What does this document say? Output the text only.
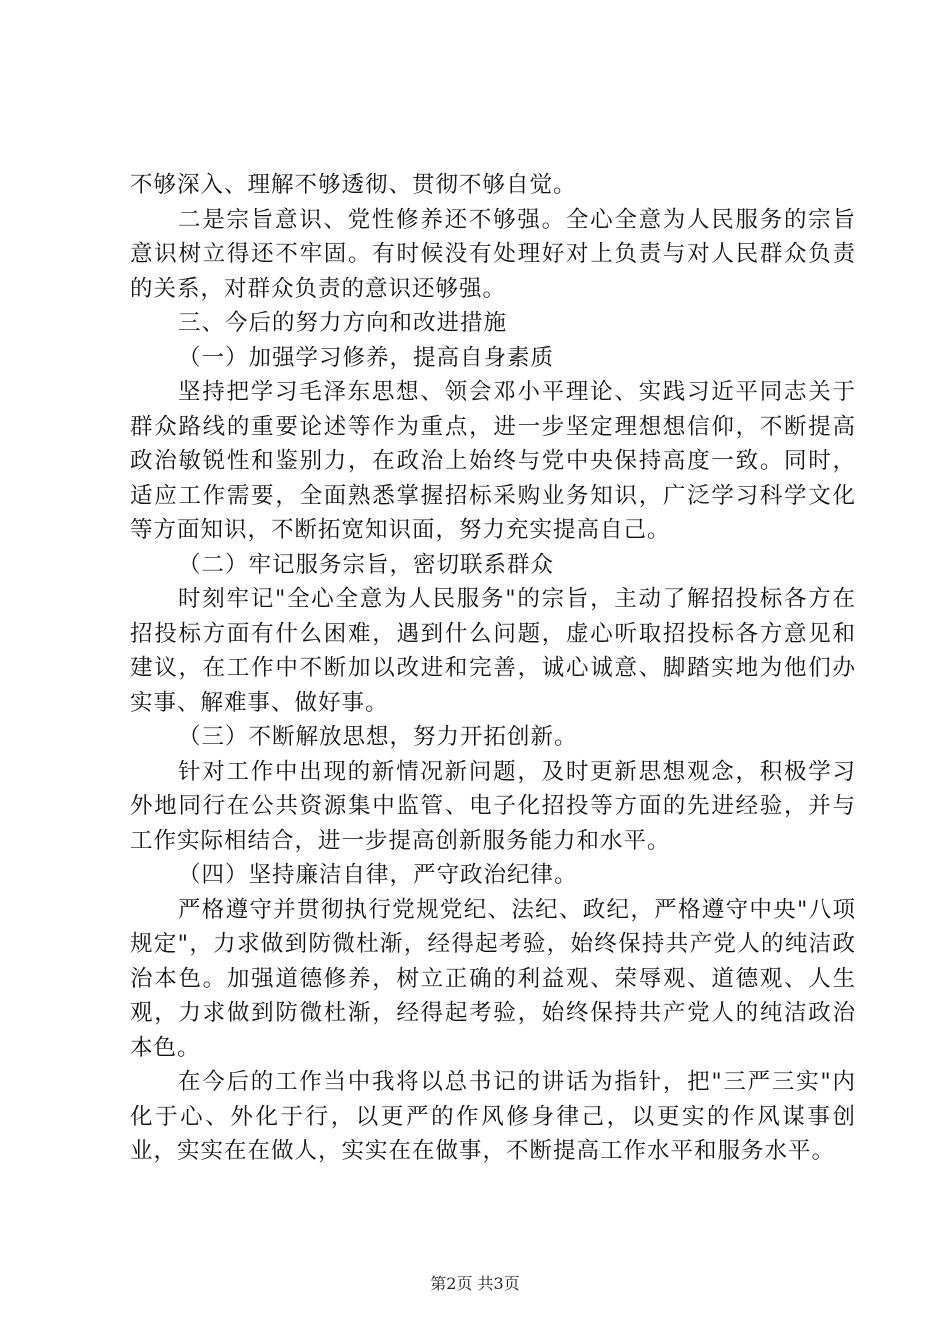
不够深入、理解不够透彻、贯彻不够自觉。

二是宗旨意识、党性修养还不够强。全心全意为人民服务的宗旨意识树立得还不牢固。有时候没有处理好对上负责与对人民群众负责的关系，对群众负责的意识还够强。

三、今后的努力方向和改进措施

（一）加强学习修养，提高自身素质

坚持把学习毛泽东思想、领会邓小平理论、实践习近平同志关于群众路线的重要论述等作为重点，进一步坚定理想想信仰，不断提高政治敏锐性和鉴别力，在政治上始终与党中央保持高度一致。同时，适应工作需要，全面熟悉掌握招标采购业务知识，广泛学习科学文化等方面知识，不断拓宽知识面，努力充实提高自己。

（二）牢记服务宗旨，密切联系群众

时刻牢记"全心全意为人民服务"的宗旨，主动了解招投标各方在招投标方面有什么困难，遇到什么问题，虚心听取招投标各方意见和建议，在工作中不断加以改进和完善，诚心诚意、脚踏实地为他们办实事、解难事、做好事。

（三）不断解放思想，努力开拓创新。

针对工作中出现的新情况新问题，及时更新思想观念，积极学习外地同行在公共资源集中监管、电子化招投等方面的先进经验，并与工作实际相结合，进一步提高创新服务能力和水平。

（四）坚持廉洁自律，严守政治纪律。

严格遵守并贯彻执行党规党纪、法纪、政纪，严格遵守中央"八项规定"，力求做到防微杜渐，经得起考验，始终保持共产党人的纯洁政治本色。加强道德修养，树立正确的利益观、荣辱观、道德观、人生观，力求做到防微杜渐，经得起考验，始终保持共产党人的纯洁政治本色。

在今后的工作当中我将以总书记的讲话为指针，把"三严三实"内化于心、外化于行，以更严的作风修身律己，以更实的作风谋事创业，实实在在做人，实实在在做事，不断提高工作水平和服务水平。

第2页 共3页
